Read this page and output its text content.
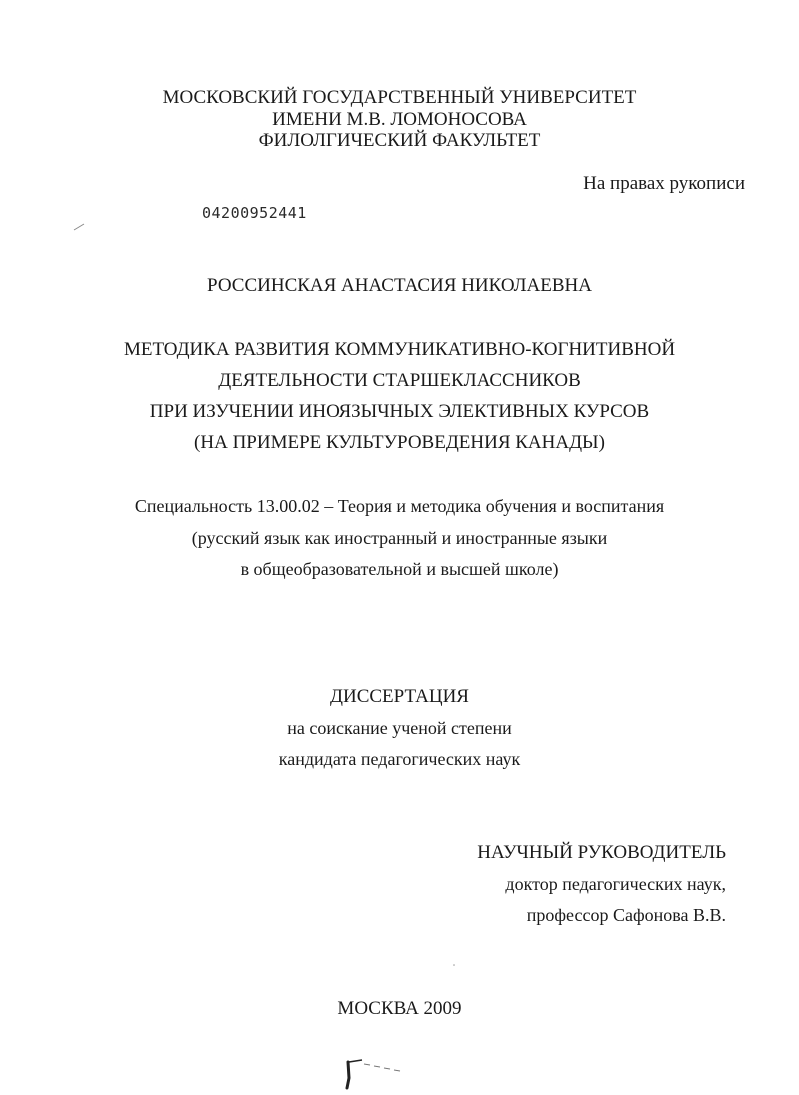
МОСКОВСКИЙ ГОСУДАРСТВЕННЫЙ УНИВЕРСИТЕТ
ИМЕНИ М.В. ЛОМОНОСОВА
ФИЛОЛГИЧЕСКИЙ ФАКУЛЬТЕТ
На правах рукописи
04200952441
РОССИНСКАЯ АНАСТАСИЯ НИКОЛАЕВНА
МЕТОДИКА РАЗВИТИЯ КОММУНИКАТИВНО-КОГНИТИВНОЙ
ДЕЯТЕЛЬНОСТИ СТАРШЕКЛАССНИКОВ
ПРИ ИЗУЧЕНИИ ИНОЯЗЫЧНЫХ ЭЛЕКТИВНЫХ КУРСОВ
(НА ПРИМЕРЕ КУЛЬТУРОВЕДЕНИЯ КАНАДЫ)
Специальность 13.00.02 – Теория и методика обучения и воспитания
(русский язык как иностранный и иностранные языки
в общеобразовательной и высшей школе)
ДИССЕРТАЦИЯ
на соискание ученой степени
кандидата педагогических наук
НАУЧНЫЙ РУКОВОДИТЕЛЬ
доктор педагогических наук,
профессор Сафонова В.В.
МОСКВА 2009
